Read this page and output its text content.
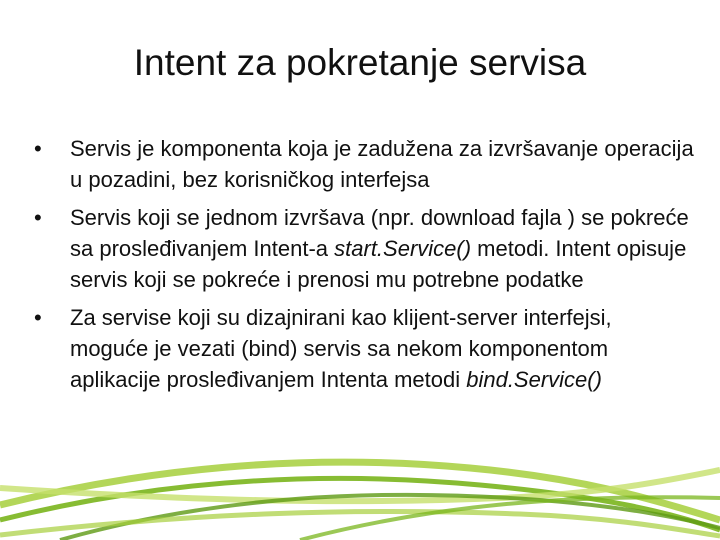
Intent za pokretanje servisa
• Servis je komponenta koja je zadužena za izvršavanje operacija u pozadini, bez korisničkog interfejsa
• Servis koji se jednom izvršava (npr. download fajla ) se pokreće sa prosleđivanjem Intent-a start.Service() metodi. Intent opisuje servis koji se pokreće i prenosi mu potrebne podatke
• Za servise koji su dizajnirani kao klijent-server interfejsi, moguće je vezati (bind) servis sa nekom komponentom aplikacije prosleđivanjem Intenta metodi bind.Service()
